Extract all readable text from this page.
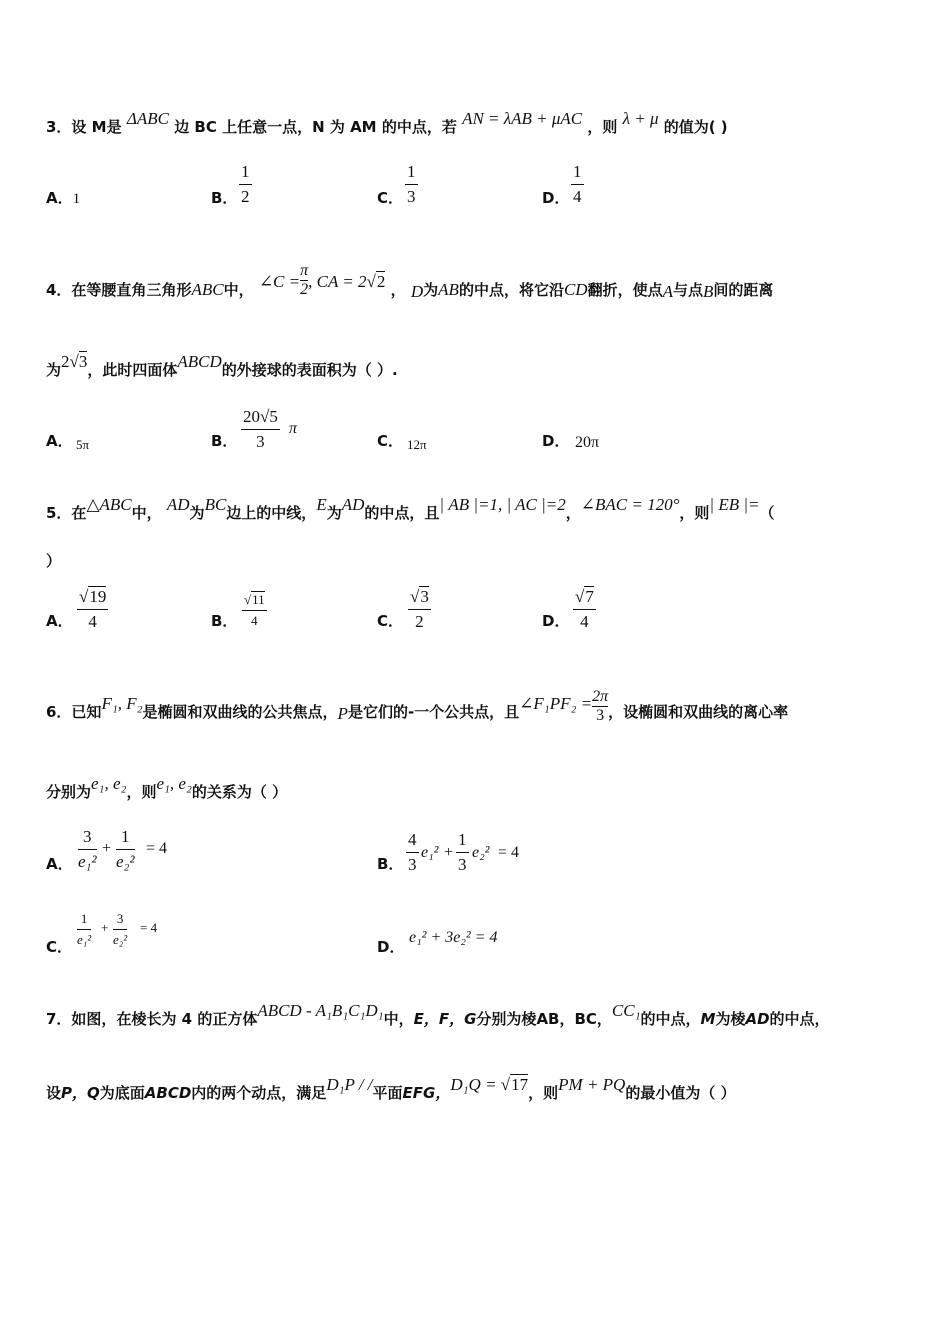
3．设 M是 ΔABC 边 BC 上任意一点，N 为 AM 的中点，若 AN = λAB + μAC ，则 λ + μ 的值为( )
A．1	B． $\frac{1}{2}$	C． $\frac{1}{3}$	D． $\frac{1}{4}$
4．在等腰直角三角形ABC中， ∠C = $\frac{\pi}{2}$ , CA = 2√2 ， D为AB的中点，将它沿CD翻折，使点A与点B间的距离
为2√3，此时四面体ABCD的外接球的表面积为（ ）.
A． 5π	B． $\frac{20√5}{3}$ π
C． 12π	D． 20π
5．在△ABC中， AD为BC边上的中线，E为AD的中点，且| AB |=1, | AC |=2，∠BAC = 120°，则| EB |=（
）
A． $\frac{√19}{4}$	B． $\frac{√11}{4}$	C． $\frac{√3}{2}$	D． $\frac{√7}{4}$
6．已知F₁, F₂是椭圆和双曲线的公共焦点，P是它们的-一个公共点，且∠F₁PF₂ = $\frac{2\pi}{3}$ ，设椭圆和双曲线的离心率
分别为e₁, e₂，则e₁, e₂的关系为（ ）
A． $\frac{3}{\text{e₁²}} + \frac{1}{\text{e₂²}} = 4$
B． $\frac{4}{3} e_1^2 + \frac{1}{3} e_2^2 = 4$
C． $\frac{1}{\text{e₁²}} + \frac{3}{\text{e₂²}} = 4$
D．
e₁² + 3e₂² = 4
7．如图，在棱长为 4 的正方体ABCD - A₁B₁C₁D₁中，E，F，G分别为棱AB，BC，CC₁的中点，M为棱AD的中点，
设P，Q为底面ABCD内的两个动点，满足D₁P / /平面EFG，D₁Q = √17，则PM + PQ的最小值为（ ）
